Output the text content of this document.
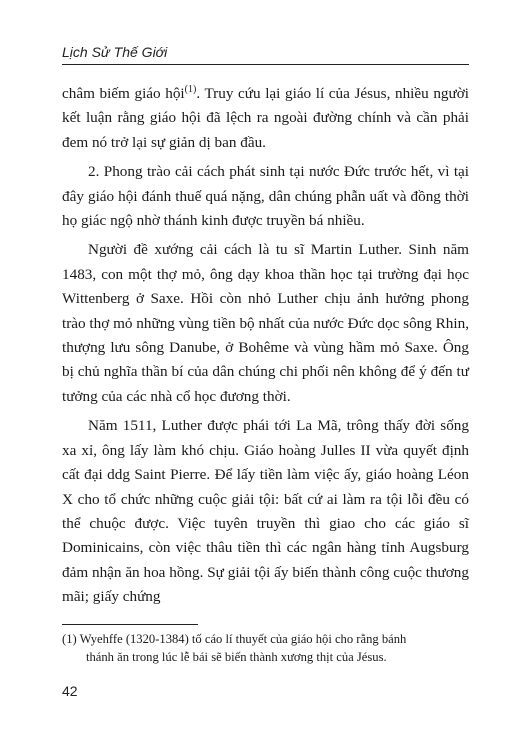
Lịch Sử Thế Giới

châm biếm giáo hội$^{(1)}$. Truy cứu lại giáo lí của Jésus, nhiều người kết luận rằng giáo hội đã lệch ra ngoài đường chính và cần phải đem nó trở lại sự giản dị ban đầu.

2. Phong trào cải cách phát sinh tại nước Đức trước hết, vì tại đây giáo hội đánh thuế quá nặng, dân chúng phẫn uất và đồng thời họ giác ngộ nhờ thánh kinh được truyền bá nhiều.

Người đề xướng cải cách là tu sĩ Martin Luther. Sinh năm 1483, con một thợ mỏ, ông dạy khoa thần học tại trường đại học Wittenberg ở Saxe. Hồi còn nhỏ Luther chịu ảnh hưởng phong trào thợ mỏ những vùng tiền bộ nhất của nước Đức dọc sông Rhin, thượng lưu sông Danube, ở Bohême và vùng hầm mỏ Saxe. Ông bị chủ nghĩa thần bí của dân chúng chi phối nên không để ý đến tư tưởng của các nhà cổ học đương thời.

Năm 1511, Luther được phái tới La Mã, trông thấy đời sống xa xỉ, ông lấy làm khó chịu. Giáo hoàng Julles II vừa quyết định cất đại ddg Saint Pierre. Để lấy tiền làm việc ấy, giáo hoàng Léon X cho tổ chức những cuộc giải tội: bất cứ ai làm ra tội lỗi đều có thể chuộc được. Việc tuyên truyền thì giao cho các giáo sĩ Dominicains, còn việc thâu tiền thì các ngân hàng tỉnh Augsburg đảm nhận ăn hoa hồng. Sự giải tội ấy biến thành công cuộc thương mãi; giấy chứng

(1) Wyehffe (1320-1384) tố cáo lí thuyết của giáo hội cho rằng bánh
thánh ăn trong lúc lễ bái sẽ biến thành xương thịt của Jésus.
42
